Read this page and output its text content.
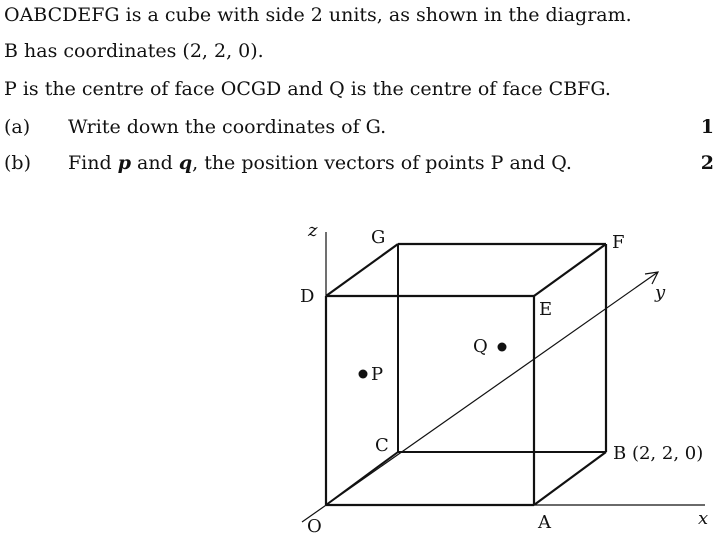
OABCDEFG is a cube with side 2 units, as shown in the diagram.
B has coordinates (2, 2, 0).
P is the centre of face OCGD and Q is the centre of face CBFG.
(a) Write down the coordinates of G.	1
(b) Find p and q, the position vectors of points P and Q.	2
z
y
x
G	F
D
E
Q
P
C	B (2, 2, 0)
O	A
